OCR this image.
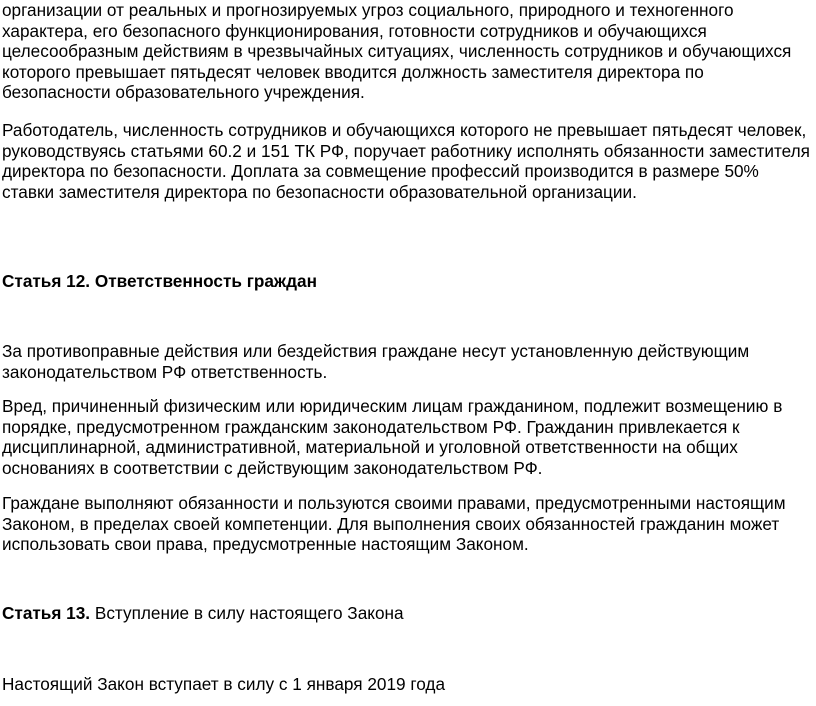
организации от реальных и прогнозируемых угроз социального, природного и техногенного характера, его безопасного функционирования, готовности сотрудников и обучающихся целесообразным действиям в чрезвычайных ситуациях, численность сотрудников и обучающихся которого превышает пятьдесят человек вводится должность заместителя директора по безопасности образовательного учреждения.

Работодатель, численность сотрудников и обучающихся которого не превышает пятьдесят человек, руководствуясь статьями 60.2 и 151 ТК РФ, поручает работнику исполнять обязанности заместителя директора по безопасности. Доплата за совмещение профессий производится в размере 50% ставки заместителя директора по безопасности образовательной организации.

Статья 12. Ответственность граждан

За противоправные действия или бездействия граждане несут установленную действующим законодательством РФ ответственность.

Вред, причиненный физическим или юридическим лицам гражданином, подлежит возмещению в порядке, предусмотренном гражданским законодательством РФ. Гражданин привлекается к дисциплинарной, административной, материальной и уголовной ответственности на общих основаниях в соответствии с действующим законодательством РФ.

Граждане выполняют обязанности и пользуются своими правами, предусмотренными настоящим Законом, в пределах своей компетенции. Для выполнения своих обязанностей гражданин может использовать свои права, предусмотренные настоящим Законом.

Статья 13. Вступление в силу настоящего Закона

Настоящий Закон вступает в силу с 1 января 2019 года
